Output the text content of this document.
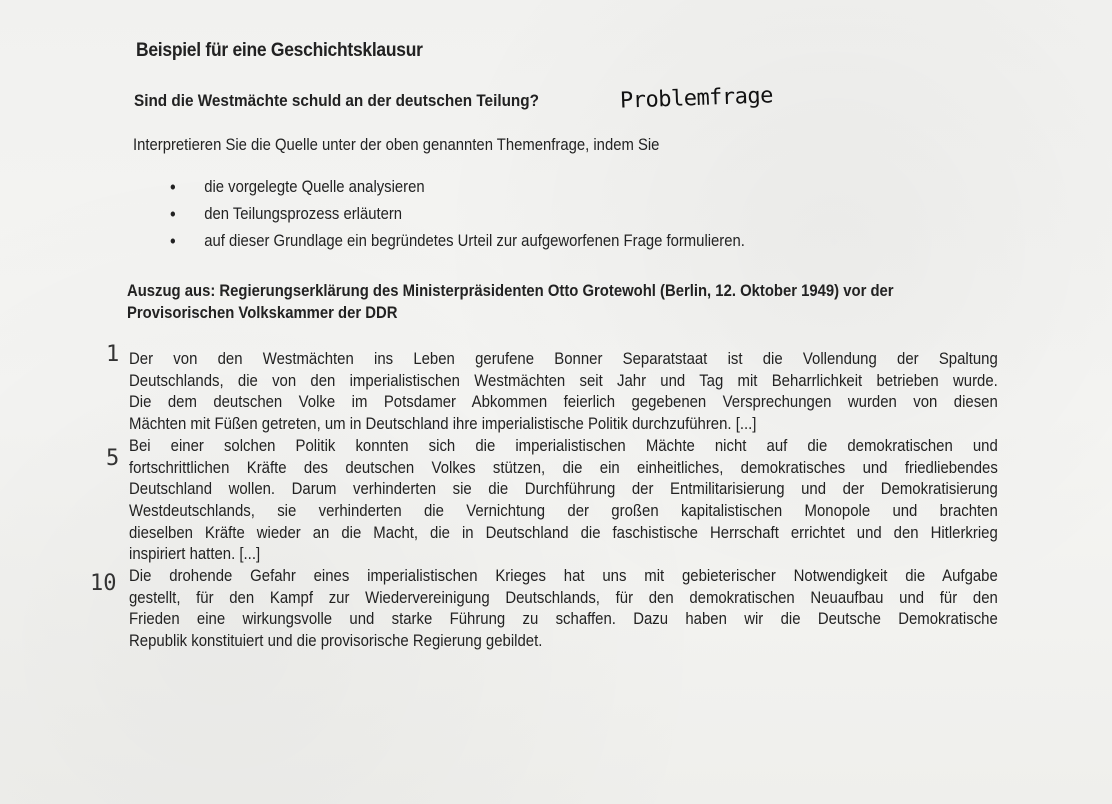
Beispiel für eine Geschichtsklausur
Sind die Westmächte schuld an der deutschen Teilung?	Problemfrage
Interpretieren Sie die Quelle unter der oben genannten Themenfrage, indem Sie
• die vorgelegte Quelle analysieren
• den Teilungsprozess erläutern
• auf dieser Grundlage ein begründetes Urteil zur aufgeworfenen Frage formulieren.
Auszug aus: Regierungserklärung des Ministerpräsidenten Otto Grotewohl (Berlin, 12. Oktober 1949) vor der
Provisorischen Volkskammer der DDR
1
5
10
Der von den Westmächten ins Leben gerufene Bonner Separatstaat ist die Vollendung der Spaltung
Deutschlands, die von den imperialistischen Westmächten seit Jahr und Tag mit Beharrlichkeit betrieben wurde.
Die dem deutschen Volke im Potsdamer Abkommen feierlich gegebenen Versprechungen wurden von diesen
Mächten mit Füßen getreten, um in Deutschland ihre imperialistische Politik durchzuführen. [...]
Bei einer solchen Politik konnten sich die imperialistischen Mächte nicht auf die demokratischen und
fortschrittlichen Kräfte des deutschen Volkes stützen, die ein einheitliches, demokratisches und friedliebendes
Deutschland wollen. Darum verhinderten sie die Durchführung der Entmilitarisierung und der Demokratisierung
Westdeutschlands, sie verhinderten die Vernichtung der großen kapitalistischen Monopole und brachten
dieselben Kräfte wieder an die Macht, die in Deutschland die faschistische Herrschaft errichtet und den Hitlerkrieg
inspiriert hatten. [...]
Die drohende Gefahr eines imperialistischen Krieges hat uns mit gebieterischer Notwendigkeit die Aufgabe
gestellt, für den Kampf zur Wiedervereinigung Deutschlands, für den demokratischen Neuaufbau und für den
Frieden eine wirkungsvolle und starke Führung zu schaffen. Dazu haben wir die Deutsche Demokratische
Republik konstituiert und die provisorische Regierung gebildet.
